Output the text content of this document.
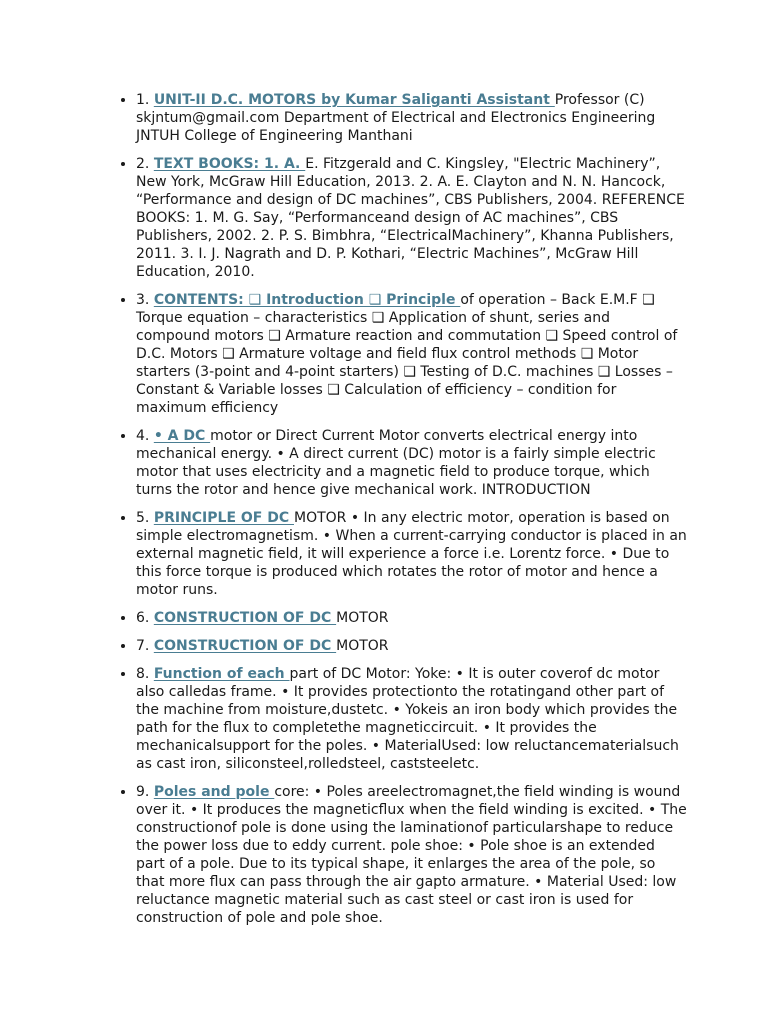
• 1. UNIT-II D.C. MOTORS by Kumar Saliganti Assistant Professor (C) skjntum@gmail.com Department of Electrical and Electronics Engineering JNTUH College of Engineering Manthani
• 2. TEXT BOOKS: 1. A. E. Fitzgerald and C. Kingsley, "Electric Machinery”, New York, McGraw Hill Education, 2013. 2. A. E. Clayton and N. N. Hancock, “Performance and design of DC machines”, CBS Publishers, 2004. REFERENCE BOOKS: 1. M. G. Say, “Performanceand design of AC machines”, CBS Publishers, 2002. 2. P. S. Bimbhra, “ElectricalMachinery”, Khanna Publishers, 2011. 3. I. J. Nagrath and D. P. Kothari, “Electric Machines”, McGraw Hill Education, 2010.
• 3. CONTENTS: ❑ Introduction ❑ Principle of operation – Back E.M.F ❑ Torque equation – characteristics ❑ Application of shunt, series and compound motors ❑ Armature reaction and commutation ❑ Speed control of D.C. Motors ❑ Armature voltage and field flux control methods ❑ Motor starters (3-point and 4-point starters) ❑ Testing of D.C. machines ❑ Losses – Constant & Variable losses ❑ Calculation of efficiency – condition for maximum efficiency
• 4. • A DC motor or Direct Current Motor converts electrical energy into mechanical energy. • A direct current (DC) motor is a fairly simple electric motor that uses electricity and a magnetic field to produce torque, which turns the rotor and hence give mechanical work. INTRODUCTION
• 5. PRINCIPLE OF DC MOTOR • In any electric motor, operation is based on simple electromagnetism. • When a current-carrying conductor is placed in an external magnetic field, it will experience a force i.e. Lorentz force. • Due to this force torque is produced which rotates the rotor of motor and hence a motor runs.
• 6. CONSTRUCTION OF DC MOTOR
• 7. CONSTRUCTION OF DC MOTOR
• 8. Function of each part of DC Motor: Yoke: • It is outer coverof dc motor also calledas frame. • It provides protectionto the rotatingand other part of the machine from moisture,dustetc. • Yokeis an iron body which provides the path for the flux to completethe magneticcircuit. • It provides the mechanicalsupport for the poles. • MaterialUsed: low reluctancematerialsuch as cast iron, siliconsteel,rolledsteel, caststeeletc.
• 9. Poles and pole core: • Poles areelectromagnet,the field winding is wound over it. • It produces the magneticflux when the field winding is excited. • The constructionof pole is done using the laminationof particularshape to reduce the power loss due to eddy current. pole shoe: • Pole shoe is an extended part of a pole. Due to its typical shape, it enlarges the area of the pole, so that more flux can pass through the air gapto armature. • Material Used: low reluctance magnetic material such as cast steel or cast iron is used for construction of pole and pole shoe.
